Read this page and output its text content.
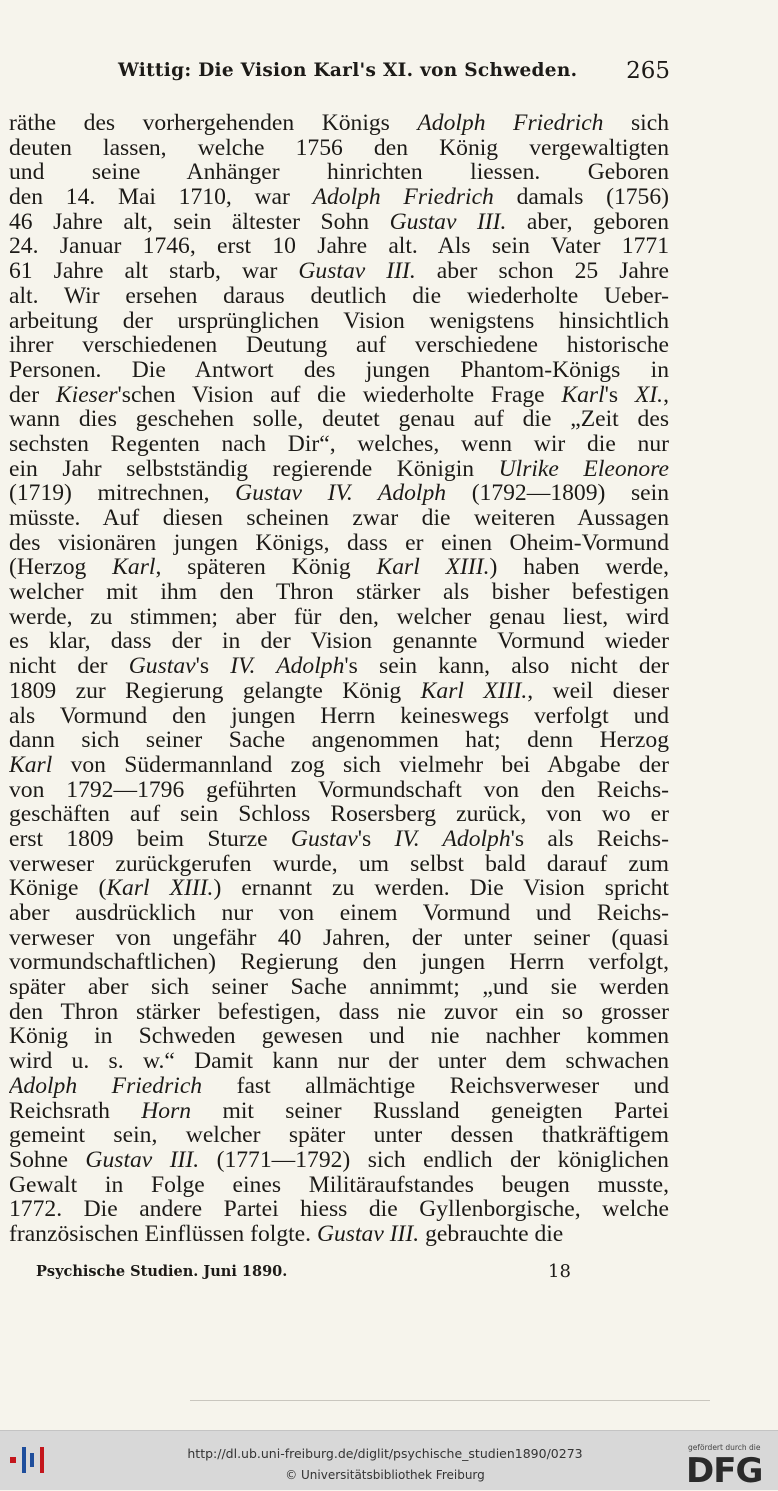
Wittig: Die Vision Karl's XI. von Schweden. 265
räthe des vorhergehenden Königs Adolph Friedrich sich
deuten lassen, welche 1756 den König vergewaltigten
und seine Anhänger hinrichten liessen. Geboren
den 14. Mai 1710, war Adolph Friedrich damals (1756)
46 Jahre alt, sein ältester Sohn Gustav III. aber, geboren
24. Januar 1746, erst 10 Jahre alt. Als sein Vater 1771
61 Jahre alt starb, war Gustav III. aber schon 25 Jahre
alt. Wir ersehen daraus deutlich die wiederholte Ueber-
arbeitung der ursprünglichen Vision wenigstens hinsichtlich
ihrer verschiedenen Deutung auf verschiedene historische
Personen. Die Antwort des jungen Phantom-Königs in
der Kieser'schen Vision auf die wiederholte Frage Karl's XI.,
wann dies geschehen solle, deutet genau auf die „Zeit des
sechsten Regenten nach Dir“, welches, wenn wir die nur
ein Jahr selbstständig regierende Königin Ulrike Eleonore
(1719) mitrechnen, Gustav IV. Adolph (1792—1809) sein
müsste. Auf diesen scheinen zwar die weiteren Aussagen
des visionären jungen Königs, dass er einen Oheim-Vormund
(Herzog Karl, späteren König Karl XIII.) haben werde,
welcher mit ihm den Thron stärker als bisher befestigen
werde, zu stimmen; aber für den, welcher genau liest, wird
es klar, dass der in der Vision genannte Vormund wieder
nicht der Gustav's IV. Adolph's sein kann, also nicht der
1809 zur Regierung gelangte König Karl XIII., weil dieser
als Vormund den jungen Herrn keineswegs verfolgt und
dann sich seiner Sache angenommen hat; denn Herzog
Karl von Südermannland zog sich vielmehr bei Abgabe der
von 1792—1796 geführten Vormundschaft von den Reichs-
geschäften auf sein Schloss Rosersberg zurück, von wo er
erst 1809 beim Sturze Gustav's IV. Adolph's als Reichs-
verweser zurückgerufen wurde, um selbst bald darauf zum
Könige (Karl XIII.) ernannt zu werden. Die Vision spricht
aber ausdrücklich nur von einem Vormund und Reichs-
verweser von ungefähr 40 Jahren, der unter seiner (quasi
vormundschaftlichen) Regierung den jungen Herrn verfolgt,
später aber sich seiner Sache annimmt; „und sie werden
den Thron stärker befestigen, dass nie zuvor ein so grosser
König in Schweden gewesen und nie nachher kommen
wird u. s. w.“ Damit kann nur der unter dem schwachen
Adolph Friedrich fast allmächtige Reichsverweser und
Reichsrath Horn mit seiner Russland geneigten Partei
gemeint sein, welcher später unter dessen thatkräftigem
Sohne Gustav III. (1771—1792) sich endlich der königlichen
Gewalt in Folge eines Militäraufstandes beugen musste,
1772. Die andere Partei hiess die Gyllenborgische, welche
französischen Einflüssen folgte. Gustav III. gebrauchte die
Psychische Studien. Juni 1890.	18
http://dl.ub.uni-freiburg.de/diglit/psychische_studien1890/0273
© Universitätsbibliothek Freiburg
gefördert durch die
DFG
